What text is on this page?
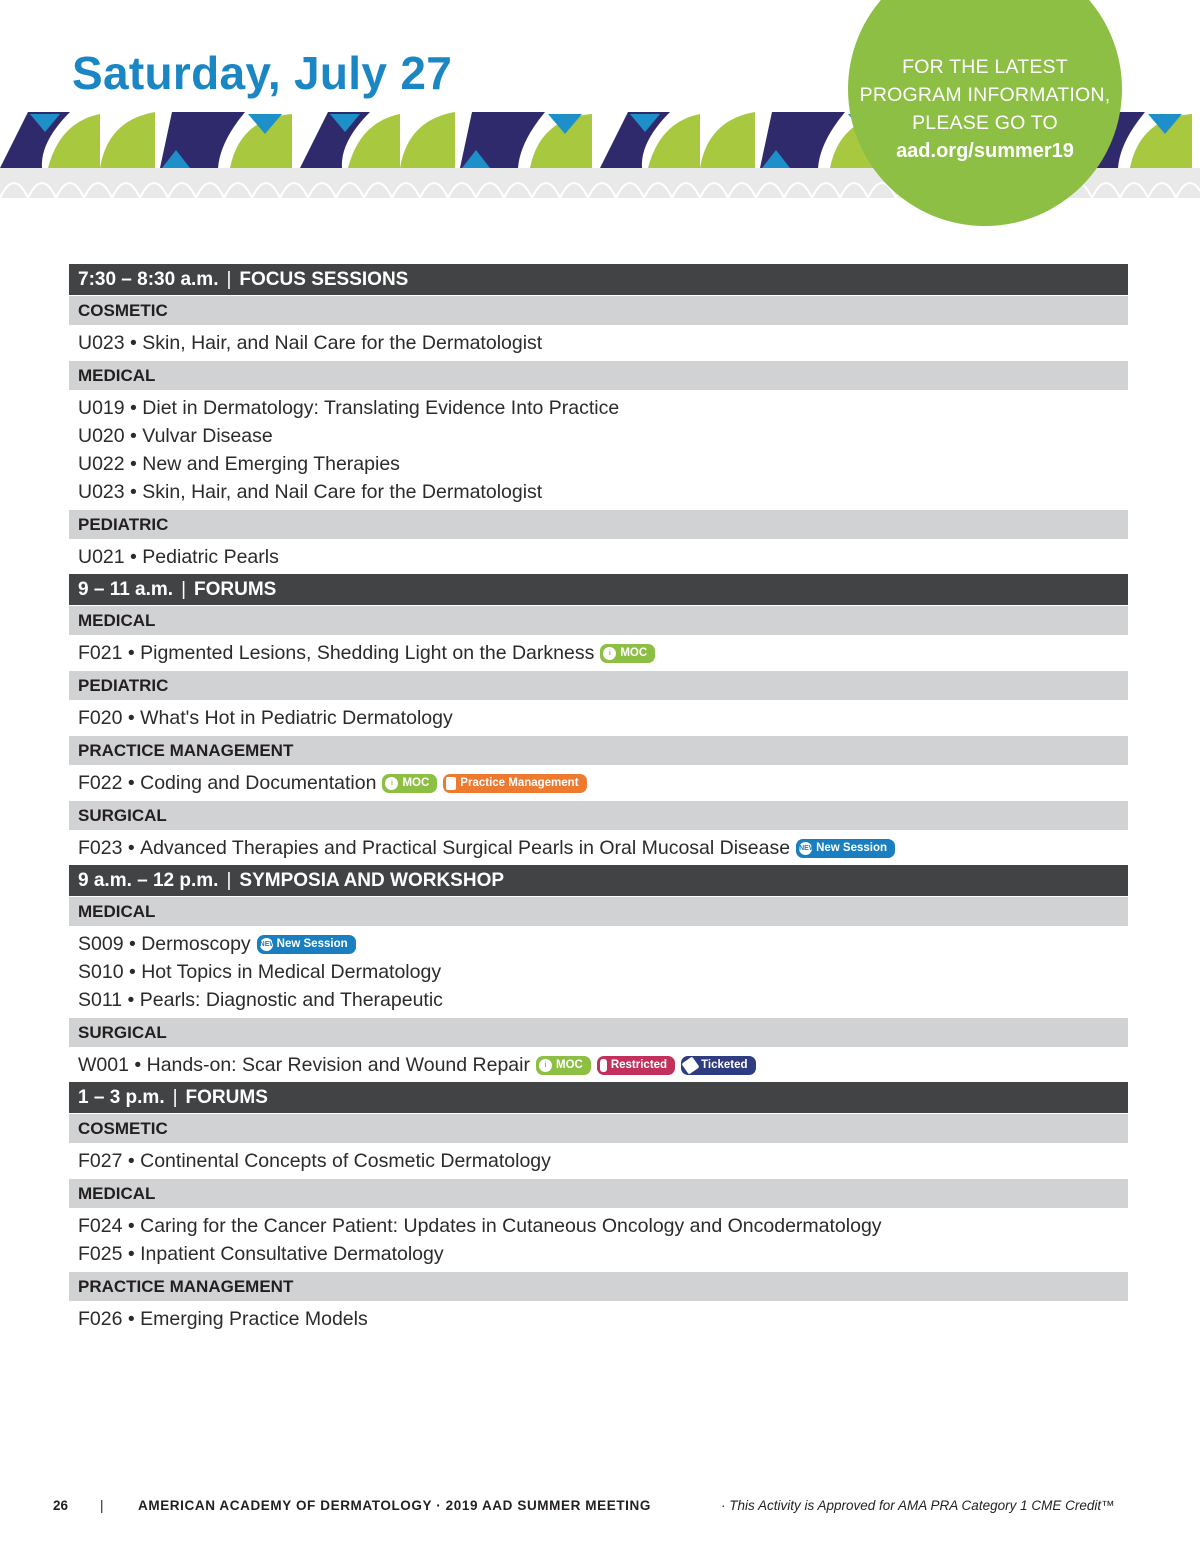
Saturday, July 27	FOR THE LATEST
PROGRAM INFORMATION,
PLEASE GO TO
aad.org/summer19
7:30 – 8:30 a.m. | FOCUS SESSIONS
COSMETIC
U023 • Skin, Hair, and Nail Care for the Dermatologist
MEDICAL
U019 • Diet in Dermatology: Translating Evidence Into Practice
U020 • Vulvar Disease
U022 • New and Emerging Therapies
U023 • Skin, Hair, and Nail Care for the Dermatologist
PEDIATRIC
U021 • Pediatric Pearls
9 – 11 a.m. | FORUMS
MEDICAL
F021 • Pigmented Lesions, Shedding Light on the Darkness	i MOC
PEDIATRIC
F020 • What's Hot in Pediatric Dermatology
PRACTICE MANAGEMENT
F022 • Coding and Documentation	i MOC	Practice Management
SURGICAL
F023 • Advanced Therapies and Practical Surgical Pearls in Oral Mucosal Disease NEW New Session
9 a.m. – 12 p.m. | SYMPOSIA AND WORKSHOP
MEDICAL
S009 • Dermoscopy NEW New Session
S010 • Hot Topics in Medical Dermatology
S011 • Pearls: Diagnostic and Therapeutic
SURGICAL
W001 • Hands-on: Scar Revision and Wound Repair	i MOC Restricted	Ticketed
1 – 3 p.m. | FORUMS
COSMETIC
F027 • Continental Concepts of Cosmetic Dermatology
MEDICAL
F024 • Caring for the Cancer Patient: Updates in Cutaneous Oncology and Oncodermatology
F025 • Inpatient Consultative Dermatology
PRACTICE MANAGEMENT
F026 • Emerging Practice Models
26 |	AMERICAN ACADEMY OF DERMATOLOGY · 2019 AAD SUMMER MEETING	· This Activity is Approved for AMA PRA Category 1 CME Credit™
